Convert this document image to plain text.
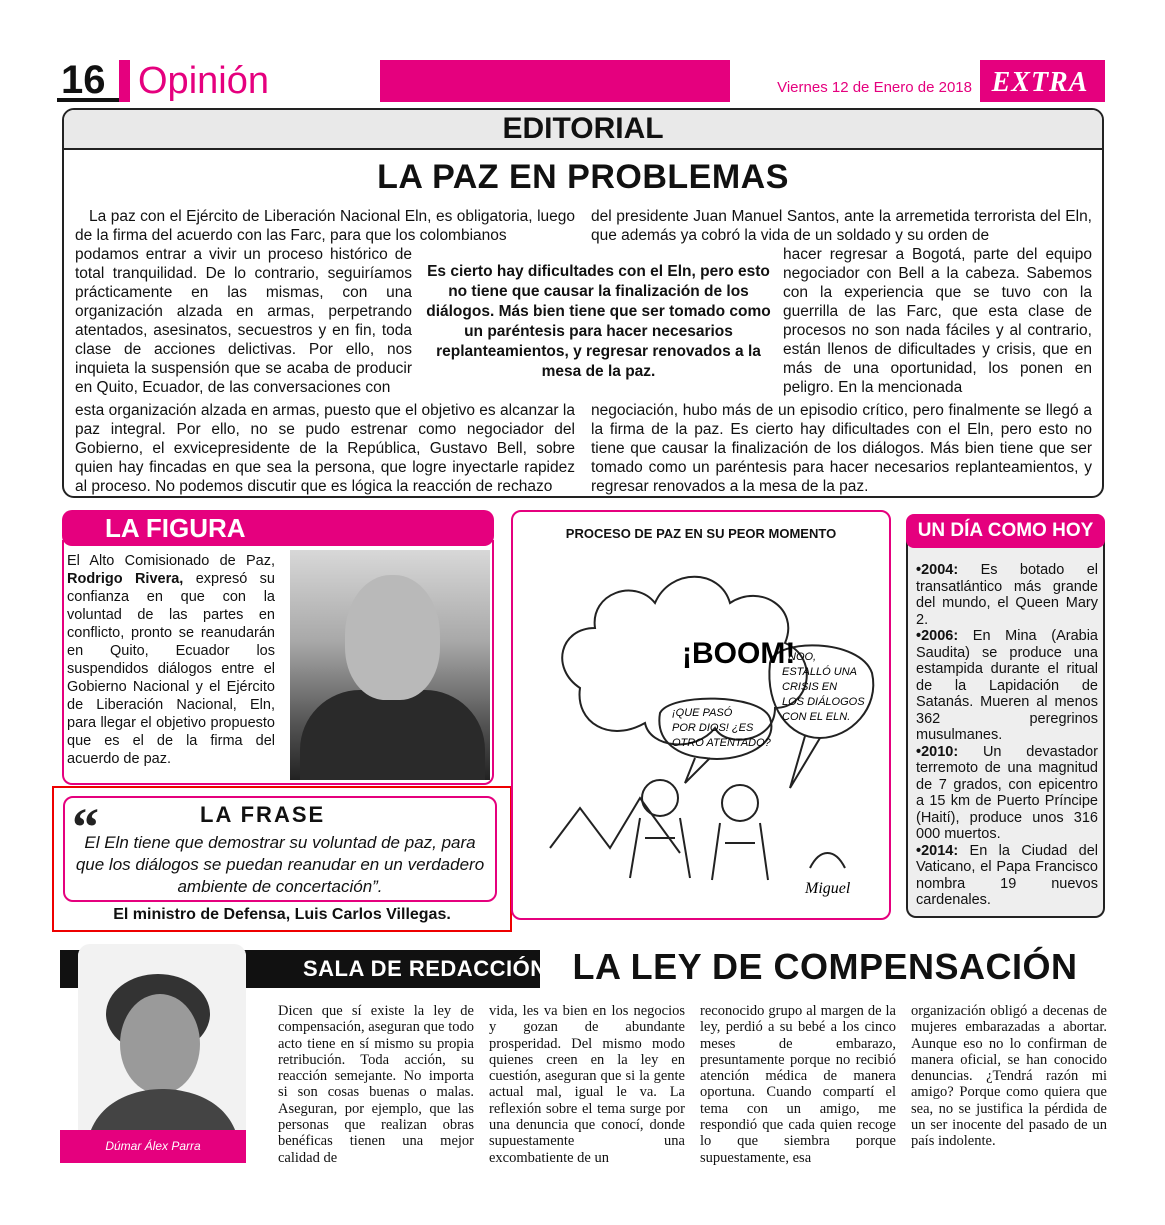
16 Opinión	Viernes 12 de Enero de 2018 EXTRA
EDITORIAL
LA PAZ EN PROBLEMAS
La paz con el Ejército de Liberación Nacional Eln, es obligatoria, luego de la firma del acuerdo con las Farc, para que los colombianos
podamos entrar a vivir un proceso histórico de total tranquilidad. De lo contrario, seguiríamos prácticamente en las mismas, con una organización alzada en armas, perpetrando atentados, asesinatos, secuestros y en fin, toda clase de acciones delictivas. Por ello, nos inquieta la suspensión que se acaba de producir en Quito, Ecuador, de las conversaciones con
esta organización alzada en armas, puesto que el objetivo es alcanzar la paz integral. Por ello, no se pudo estrenar como negociador del Gobierno, el exvicepresidente de la República, Gustavo Bell, sobre quien hay fincadas en que sea la persona, que logre inyectarle rapidez al proceso. No podemos discutir que es lógica la reacción de rechazo
del presidente Juan Manuel Santos, ante la arremetida terrorista del Eln, que además ya cobró la vida de un soldado y su orden de
hacer regresar a Bogotá, parte del equipo negociador con Bell a la cabeza. Sabemos con la experiencia que se tuvo con la guerrilla de las Farc, que esta clase de procesos no son nada fáciles y al contrario, están llenos de dificultades y crisis, que en más de una oportunidad, los ponen en peligro. En la mencionada
negociación, hubo más de un episodio crítico, pero finalmente se llegó a la firma de la paz. Es cierto hay dificultades con el Eln, pero esto no tiene que causar la finalización de los diálogos. Más bien tiene que ser tomado como un paréntesis para hacer necesarios replanteamientos, y regresar renovados a la mesa de la paz.
Es cierto hay dificultades con el Eln, pero esto no tiene que causar la finalización de los diálogos. Más bien tiene que ser tomado como un paréntesis para hacer necesarios replanteamientos, y regresar renovados a la mesa de la paz.
LA FIGURA
El Alto Comisionado de Paz, Rodrigo Rivera, expresó su confianza en que con la voluntad de las partes en conflicto, pronto se reanudarán en Quito, Ecuador los suspendidos diálogos entre el Gobierno Nacional y el Ejército de Liberación Nacional, Eln, para llegar el objetivo propuesto que es el de la firma del acuerdo de paz.
“	LA FRASE
El Eln tiene que demostrar su voluntad de paz, para que los diálogos se puedan reanudar en un verdadero ambiente de concertación”.
El ministro de Defensa, Luis Carlos Villegas.
PROCESO DE PAZ EN SU PEOR MOMENTO
¡BOOM!
¡QUE PASÓ
POR DIOS! ¿ES
OTRO ATENTADO?
NOO,
ESTALLÓ UNA
CRISIS EN
LOS DIÁLOGOS
CON EL ELN.
Miguel
UN DÍA COMO HOY

•2004: Es botado el transatlántico más grande del mundo, el Queen Mary 2.

•2006: En Mina (Arabia Saudita) se produce una estampida durante el ritual de la Lapidación de Satanás. Mueren al menos 362 peregrinos musulmanes.

•2010: Un devastador terremoto de una magnitud de 7 grados, con epicentro a 15 km de Puerto Príncipe (Haití), produce unos 316 000 muertos.

•2014: En la Ciudad del Vaticano, el Papa Francisco nombra 19 nuevos cardenales.

SALA DE REDACCIÓN
Dúmar Álex Parra
LA LEY DE COMPENSACIÓN
Dicen que sí existe la ley de compensación, aseguran que todo acto tiene en sí mismo su propia retribución. Toda acción, su reacción semejante. No importa si son cosas buenas o malas. Aseguran, por ejemplo, que las personas que realizan obras benéficas tienen una mejor calidad de
vida, les va bien en los negocios y gozan de abundante prosperidad. Del mismo modo quienes creen en la ley en cuestión, aseguran que si la gente actual mal, igual le va. La reflexión sobre el tema surge por una denuncia que conocí, donde supuestamente una excombatiente de un
reconocido grupo al margen de la ley, perdió a su bebé a los cinco meses de embarazo, presuntamente porque no recibió atención médica de manera oportuna. Cuando compartí el tema con un amigo, me respondió que cada quien recoge lo que siembra porque supuestamente, esa
organización obligó a decenas de mujeres embarazadas a abortar. Aunque eso no lo confirman de manera oficial, se han conocido denuncias. ¿Tendrá razón mi amigo? Porque como quiera que sea, no se justifica la pérdida de un ser inocente del pasado de un país indolente.
